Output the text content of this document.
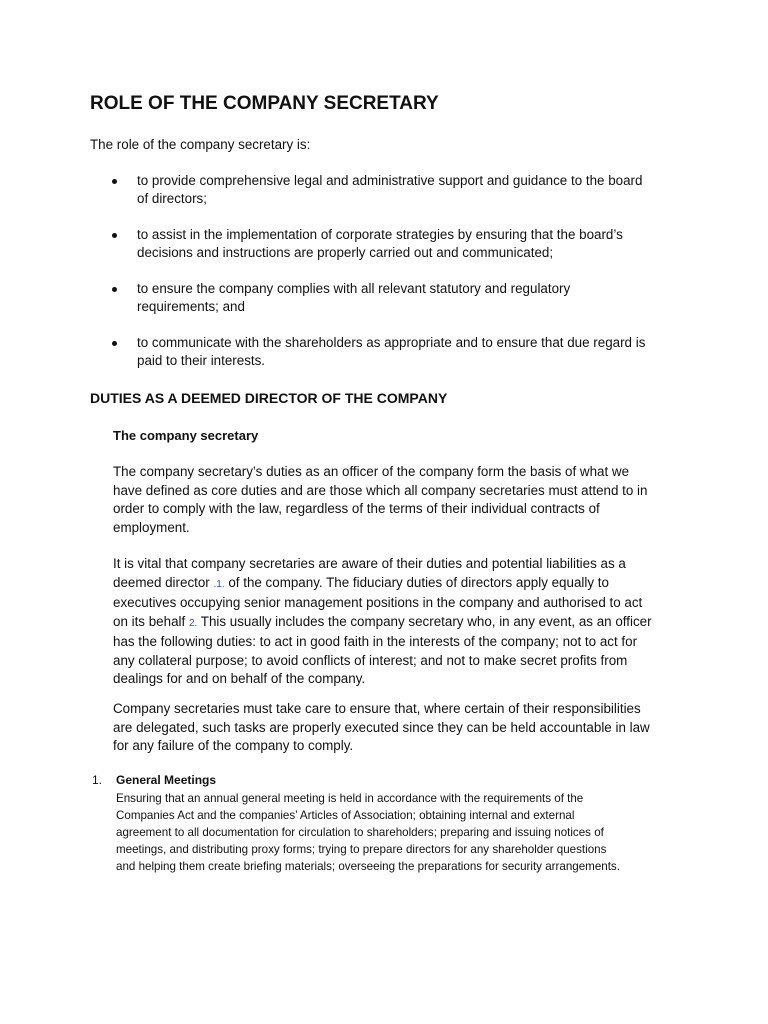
ROLE OF THE COMPANY SECRETARY

The role of the company secretary is:

to provide comprehensive legal and administrative support and guidance to the board
of directors;
to assist in the implementation of corporate strategies by ensuring that the board’s
decisions and instructions are properly carried out and communicated;
to ensure the company complies with all relevant statutory and regulatory
requirements; and
to communicate with the shareholders as appropriate and to ensure that due regard is
paid to their interests.
DUTIES AS A DEEMED DIRECTOR OF THE COMPANY
The company secretary
The company secretary’s duties as an officer of the company form the basis of what we
have defined as core duties and are those which all company secretaries must attend to in
order to comply with the law, regardless of the terms of their individual contracts of
employment.
It is vital that company secretaries are aware of their duties and potential liabilities as a
deemed director .1. of the company. The fiduciary duties of directors apply equally to
executives occupying senior management positions in the company and authorised to act
on its behalf 2. This usually includes the company secretary who, in any event, as an officer
has the following duties: to act in good faith in the interests of the company; not to act for
any collateral purpose; to avoid conflicts of interest; and not to make secret profits from
dealings for and on behalf of the company.
Company secretaries must take care to ensure that, where certain of their responsibilities
are delegated, such tasks are properly executed since they can be held accountable in law
for any failure of the company to comply.
1. General Meetings
Ensuring that an annual general meeting is held in accordance with the requirements of the
Companies Act and the companies’ Articles of Association; obtaining internal and external
agreement to all documentation for circulation to shareholders; preparing and issuing notices of
meetings, and distributing proxy forms; trying to prepare directors for any shareholder questions
and helping them create briefing materials; overseeing the preparations for security arrangements.
